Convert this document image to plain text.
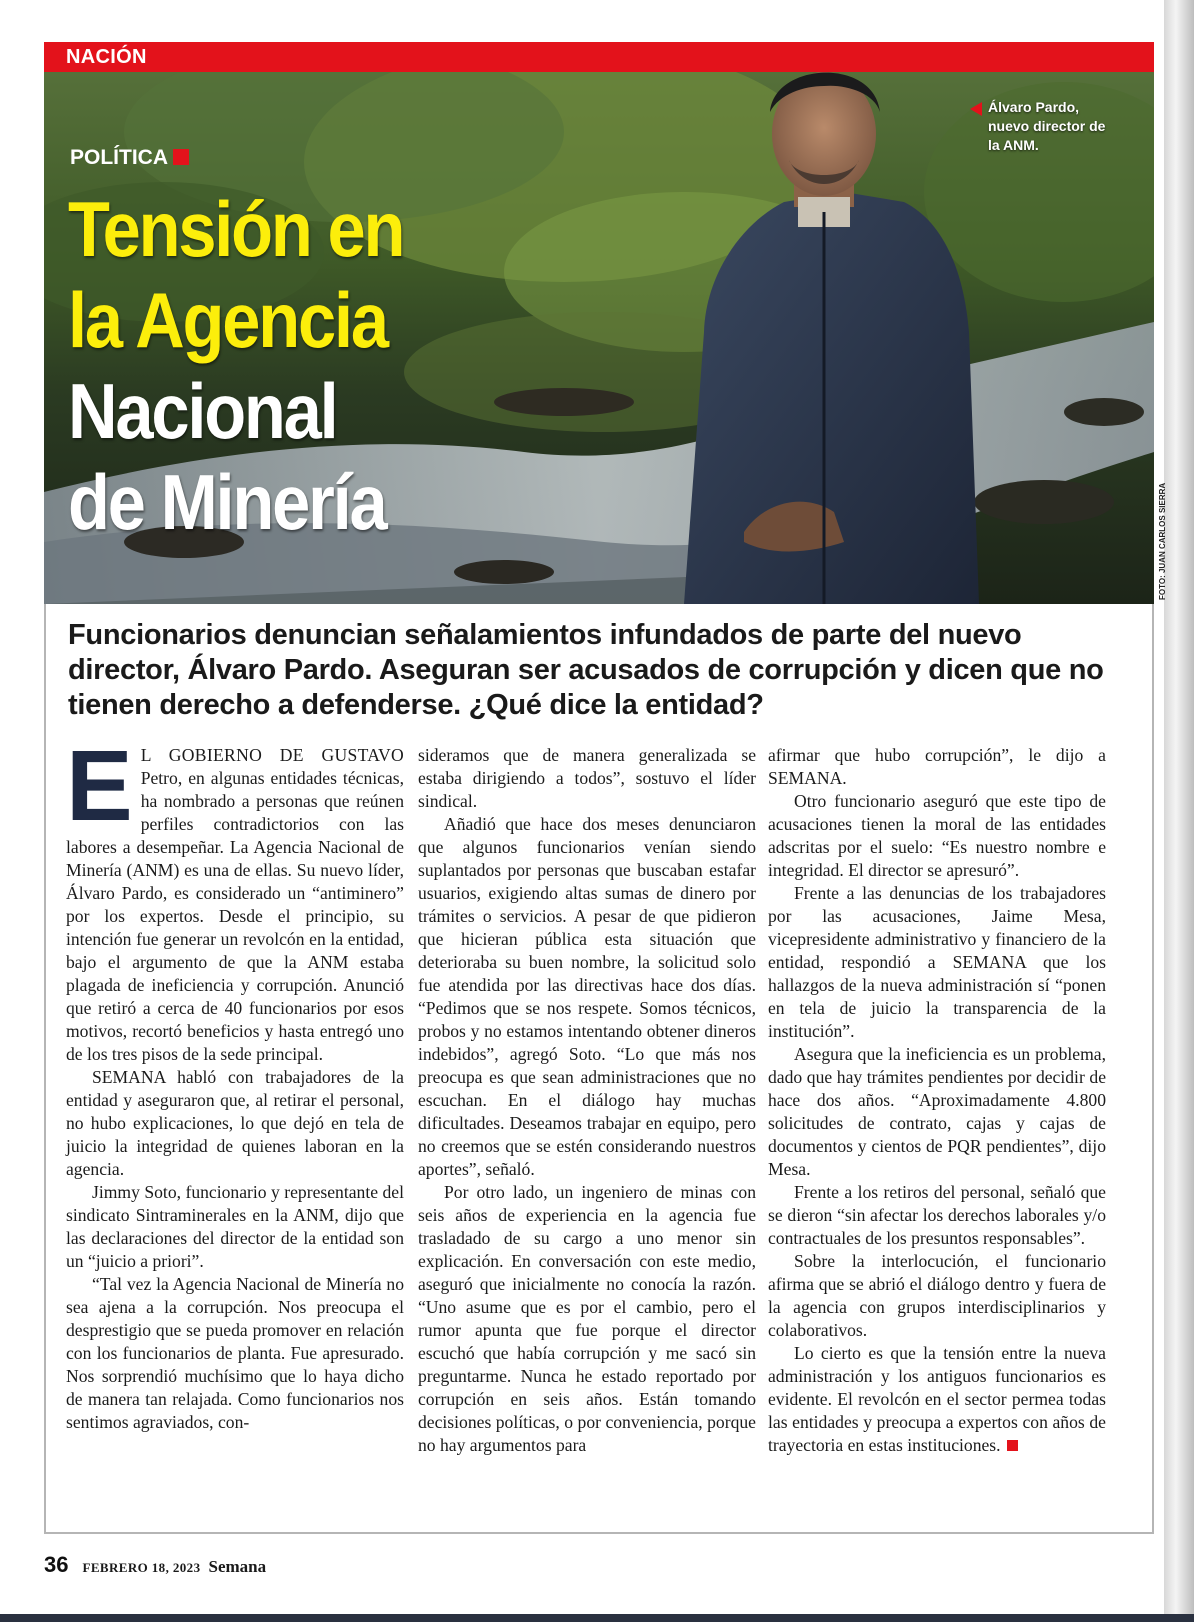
NACIÓN
POLÍTICA
Tensión en
la Agencia
Nacional
de Minería
Álvaro Pardo,
nuevo director de
la ANM.
FOTO: JUAN CARLOS SIERRA
Funcionarios denuncian señalamientos infundados de parte del nuevo director, Álvaro Pardo. Aseguran ser acusados de corrupción y dicen que no tienen derecho a defenderse. ¿Qué dice la entidad?

E L GOBIERNO DE GUSTAVO Petro, en algunas entidades técnicas, ha nombrado a personas que reúnen perfiles contradictorios con las labores a desempeñar. La Agencia Nacional de Minería (ANM) es una de ellas. Su nuevo líder, Álvaro Pardo, es considerado un “antiminero” por los expertos. Desde el principio, su intención fue generar un revolcón en la entidad, bajo el argumento de que la ANM estaba plagada de ineficiencia y corrupción. Anunció que retiró a cerca de 40 funcionarios por esos motivos, recortó beneficios y hasta entregó uno de los tres pisos de la sede principal.

SEMANA habló con trabajadores de la entidad y aseguraron que, al retirar el personal, no hubo explicaciones, lo que dejó en tela de juicio la integridad de quienes laboran en la agencia.

Jimmy Soto, funcionario y representante del sindicato Sintraminerales en la ANM, dijo que las declaraciones del director de la entidad son un “juicio a priori”.

“Tal vez la Agencia Nacional de Minería no sea ajena a la corrupción. Nos preocupa el desprestigio que se pueda promover en relación con los funcionarios de planta. Fue apresurado. Nos sorprendió muchísimo que lo haya dicho de manera tan relajada. Como funcionarios nos sentimos agraviados, con-

sideramos que de manera generalizada se estaba dirigiendo a todos”, sostuvo el líder sindical.

Añadió que hace dos meses denunciaron que algunos funcionarios venían siendo suplantados por personas que buscaban estafar usuarios, exigiendo altas sumas de dinero por trámites o servicios. A pesar de que pidieron que hicieran pública esta situación que deterioraba su buen nombre, la solicitud solo fue atendida por las directivas hace dos días. “Pedimos que se nos respete. Somos técnicos, probos y no estamos intentando obtener dineros indebidos”, agregó Soto. “Lo que más nos preocupa es que sean administraciones que no escuchan. En el diálogo hay muchas dificultades. Deseamos trabajar en equipo, pero no creemos que se estén considerando nuestros aportes”, señaló.

Por otro lado, un ingeniero de minas con seis años de experiencia en la agencia fue trasladado de su cargo a uno menor sin explicación. En conversación con este medio, aseguró que inicialmente no conocía la razón. “Uno asume que es por el cambio, pero el rumor apunta que fue porque el director escuchó que había corrupción y me sacó sin preguntarme. Nunca he estado reportado por corrupción en seis años. Están tomando decisiones políticas, o por conveniencia, porque no hay argumentos para

afirmar que hubo corrupción”, le dijo a SEMANA.

Otro funcionario aseguró que este tipo de acusaciones tienen la moral de las entidades adscritas por el suelo: “Es nuestro nombre e integridad. El director se apresuró”.

Frente a las denuncias de los trabajadores por las acusaciones, Jaime Mesa, vicepresidente administrativo y financiero de la entidad, respondió a SEMANA que los hallazgos de la nueva administración sí “ponen en tela de juicio la transparencia de la institución”.

Asegura que la ineficiencia es un problema, dado que hay trámites pendientes por decidir de hace dos años. “Aproximadamente 4.800 solicitudes de contrato, cajas y cajas de documentos y cientos de PQR pendientes”, dijo Mesa.

Frente a los retiros del personal, señaló que se dieron “sin afectar los derechos laborales y/o contractuales de los presuntos responsables”.

Sobre la interlocución, el funcionario afirma que se abrió el diálogo dentro y fuera de la agencia con grupos interdisciplinarios y colaborativos.

Lo cierto es que la tensión entre la nueva administración y los antiguos funcionarios es evidente. El revolcón en el sector permea todas las entidades y preocupa a expertos con años de trayectoria en estas instituciones.

36 FEBRERO 18, 2023 Semana
